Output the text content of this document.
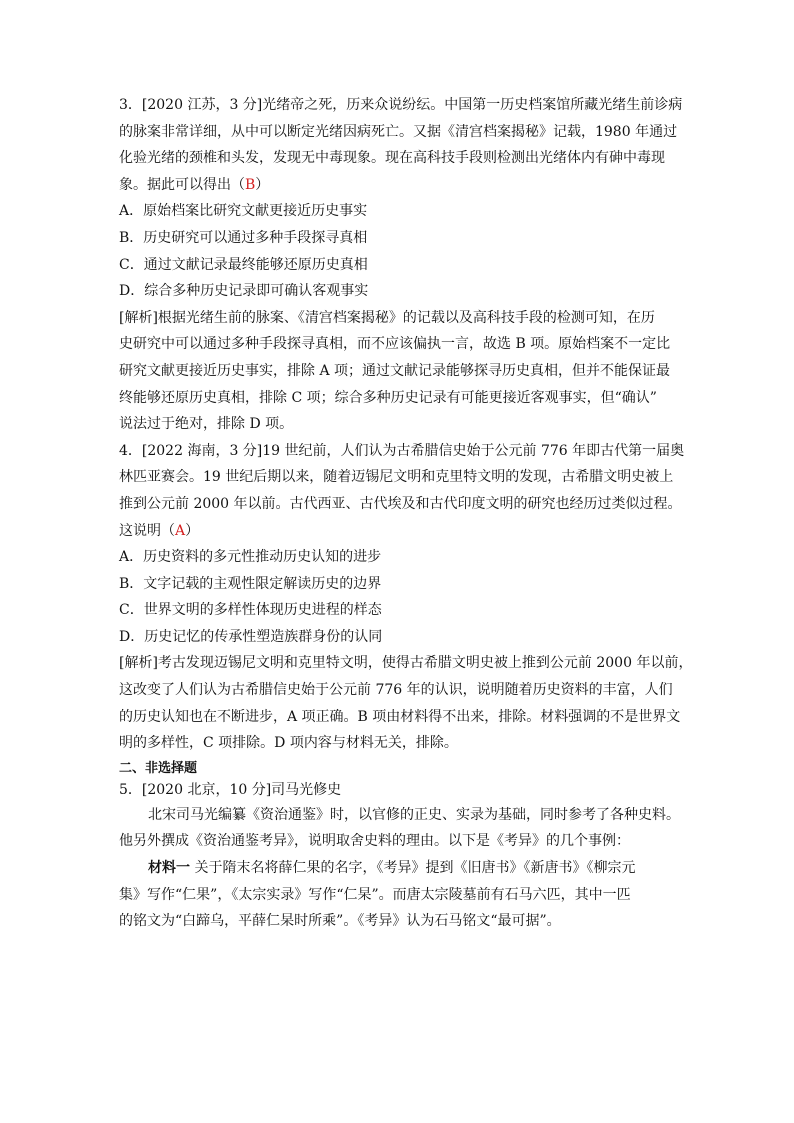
3．[2020 江苏，3 分]光绪帝之死，历来众说纷纭。中国第一历史档案馆所藏光绪生前诊病
的脉案非常详细，从中可以断定光绪因病死亡。又据《清宫档案揭秘》记载，1980 年通过
化验光绪的颈椎和头发，发现无中毒现象。现在高科技手段则检测出光绪体内有砷中毒现
象。据此可以得出（B）
A．原始档案比研究文献更接近历史事实
B．历史研究可以通过多种手段探寻真相
C．通过文献记录最终能够还原历史真相
D．综合多种历史记录即可确认客观事实
[解析]根据光绪生前的脉案、《清宫档案揭秘》的记载以及高科技手段的检测可知，在历
史研究中可以通过多种手段探寻真相，而不应该偏执一言，故选 B 项。原始档案不一定比
研究文献更接近历史事实，排除 A 项；通过文献记录能够探寻历史真相，但并不能保证最
终能够还原历史真相，排除 C 项；综合多种历史记录有可能更接近客观事实，但“确认”
说法过于绝对，排除 D 项。
4．[2022 海南，3 分]19 世纪前，人们认为古希腊信史始于公元前 776 年即古代第一届奥
林匹亚赛会。19 世纪后期以来，随着迈锡尼文明和克里特文明的发现，古希腊文明史被上
推到公元前 2000 年以前。古代西亚、古代埃及和古代印度文明的研究也经历过类似过程。
这说明（A）
A．历史资料的多元性推动历史认知的进步
B．文字记载的主观性限定解读历史的边界
C．世界文明的多样性体现历史进程的样态
D．历史记忆的传承性塑造族群身份的认同
[解析]考古发现迈锡尼文明和克里特文明，使得古希腊文明史被上推到公元前 2000 年以前，
这改变了人们认为古希腊信史始于公元前 776 年的认识，说明随着历史资料的丰富，人们
的历史认知也在不断进步，A 项正确。B 项由材料得不出来，排除。材料强调的不是世界文
明的多样性，C 项排除。D 项内容与材料无关，排除。
二、非选择题
5．[2020 北京，10 分]司马光修史
北宋司马光编纂《资治通鉴》时，以官修的正史、实录为基础，同时参考了各种史料。
他另外撰成《资治通鉴考异》，说明取舍史料的理由。以下是《考异》的几个事例：
材料一 关于隋末名将薛仁果的名字，《考异》提到《旧唐书》《新唐书》《柳宗元
集》写作“仁果”，《太宗实录》写作“仁杲”。而唐太宗陵墓前有石马六匹，其中一匹
的铭文为“白蹄乌，平薛仁杲时所乘”。《考异》认为石马铭文“最可据”。
